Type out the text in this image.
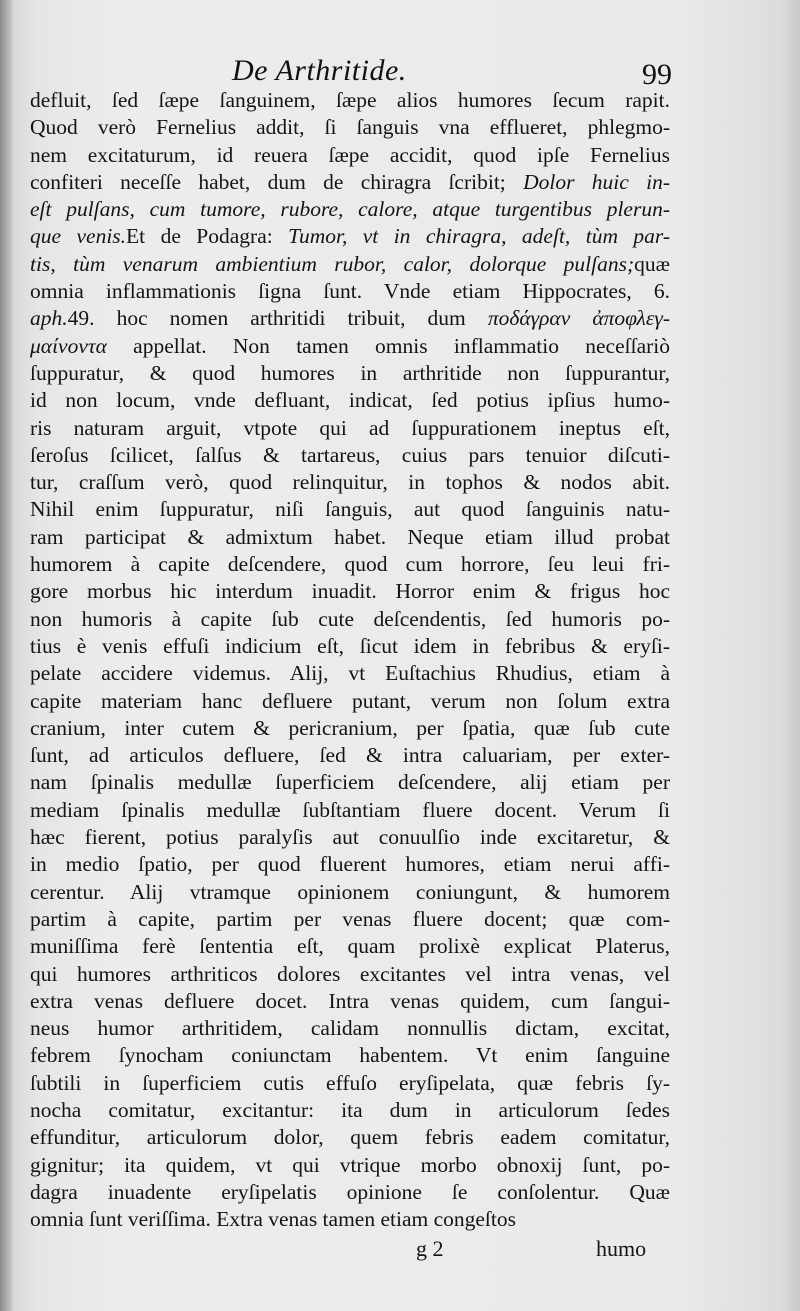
De Arthritide.	99
defluit, ſed ſæpe ſanguinem, ſæpe alios humores ſecum rapit.
Quod verò Fernelius addit, ſi ſanguis vna efflueret, phlegmo-
nem excitaturum, id reuera ſæpe accidit, quod ipſe Fernelius
confiteri neceſſe habet, dum de chiragra ſcribit; Dolor huic in-
eſt pulſans, cum tumore, rubore, calore, atque turgentibus plerun-
que venis.Et de Podagra: Tumor, vt in chiragra, adeſt, tùm par-
tis, tùm venarum ambientium rubor, calor, dolorque pulſans;quæ
omnia inflammationis ſigna ſunt. Vnde etiam Hippocrates, 6.
aph.49. hoc nomen arthritidi tribuit, dum ποδάγραν ἀποφλεγ-
μαίνοντα appellat. Non tamen omnis inflammatio neceſſariò
ſuppuratur, & quod humores in arthritide non ſuppurantur,
id non locum, vnde defluant, indicat, ſed potius ipſius humo-
ris naturam arguit, vtpote qui ad ſuppurationem ineptus eſt,
ſeroſus ſcilicet, ſalſus & tartareus, cuius pars tenuior diſcuti-
tur, craſſum verò, quod relinquitur, in tophos & nodos abit.
Nihil enim ſuppuratur, niſi ſanguis, aut quod ſanguinis natu-
ram participat & admixtum habet. Neque etiam illud probat
humorem à capite deſcendere, quod cum horrore, ſeu leui fri-
gore morbus hic interdum inuadit. Horror enim & frigus hoc
non humoris à capite ſub cute deſcendentis, ſed humoris po-
tius è venis effuſi indicium eſt, ſicut idem in febribus & eryſi-
pelate accidere videmus. Alij, vt Euſtachius Rhudius, etiam à
capite materiam hanc defluere putant, verum non ſolum extra
cranium, inter cutem & pericranium, per ſpatia, quæ ſub cute
ſunt, ad articulos defluere, ſed & intra caluariam, per exter-
nam ſpinalis medullæ ſuperficiem deſcendere, alij etiam per
mediam ſpinalis medullæ ſubſtantiam fluere docent. Verum ſi
hæc fierent, potius paralyſis aut conuulſio inde excitaretur, &
in medio ſpatio, per quod fluerent humores, etiam nerui affi-
cerentur. Alij vtramque opinionem coniungunt, & humorem
partim à capite, partim per venas fluere docent; quæ com-
muniſſima ferè ſententia eſt, quam prolixè explicat Platerus,
qui humores arthriticos dolores excitantes vel intra venas, vel
extra venas defluere docet. Intra venas quidem, cum ſangui-
neus humor arthritidem, calidam nonnullis dictam, excitat,
febrem ſynocham coniunctam habentem. Vt enim ſanguine
ſubtili in ſuperficiem cutis effuſo eryſipelata, quæ febris ſy-
nocha comitatur, excitantur: ita dum in articulorum ſedes
effunditur, articulorum dolor, quem febris eadem comitatur,
gignitur; ita quidem, vt qui vtrique morbo obnoxij ſunt, po-
dagra inuadente eryſipelatis opinione ſe conſolentur. Quæ
omnia ſunt veriſſima. Extra venas tamen etiam congeſtos
g 2	humo
